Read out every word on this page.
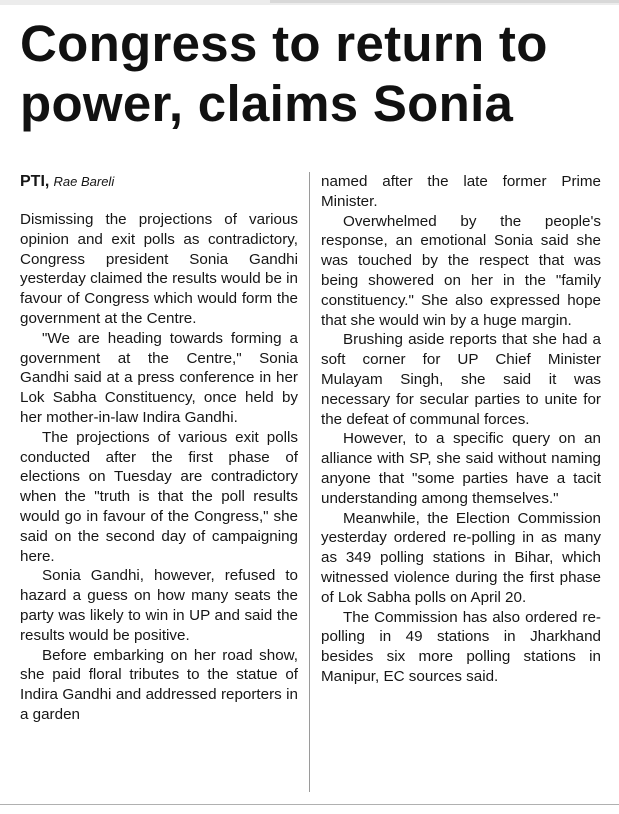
Congress to return to
power, claims Sonia
PTI, Rae Bareli

Dismissing the projections of various opinion and exit polls as contradictory, Congress president Sonia Gandhi yesterday claimed the results would be in favour of Congress which would form the government at the Centre.

"We are heading towards forming a government at the Centre," Sonia Gandhi said at a press conference in her Lok Sabha Constituency, once held by her mother-in-law Indira Gandhi.

The projections of various exit polls conducted after the first phase of elections on Tuesday are contradictory when the "truth is that the poll results would go in favour of the Congress," she said on the second day of campaigning here.

Sonia Gandhi, however, refused to hazard a guess on how many seats the party was likely to win in UP and said the results would be positive.

Before embarking on her road show, she paid floral tributes to the statue of Indira Gandhi and addressed reporters in a garden

named after the late former Prime Minister.

Overwhelmed by the people's response, an emotional Sonia said she was touched by the respect that was being showered on her in the "family constituency." She also expressed hope that she would win by a huge margin.

Brushing aside reports that she had a soft corner for UP Chief Minister Mulayam Singh, she said it was necessary for secular parties to unite for the defeat of communal forces.

However, to a specific query on an alliance with SP, she said without naming anyone that "some parties have a tacit understanding among themselves."

Meanwhile, the Election Commission yesterday ordered re-polling in as many as 349 polling stations in Bihar, which witnessed violence during the first phase of Lok Sabha polls on April 20.

The Commission has also ordered re-polling in 49 stations in Jharkhand besides six more polling stations in Manipur, EC sources said.
